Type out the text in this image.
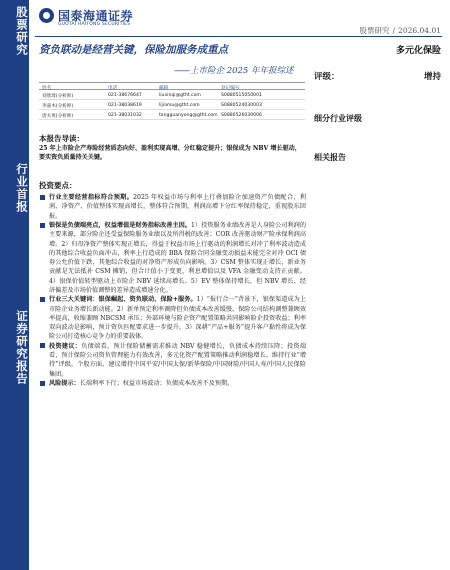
股票研究
行业首报
证券研究报告
国泰海通证券
GUOTAI HAITONG SECURITIES
股票研究 / 2026.04.01
资负联动是经营关键，保险加服务成重点
—— 上市险企 2025 年年报综述
多元化保险
评级：	增持
细分行业评级
相关报告
姓名	电话	邮箱	登记编号
刘欣琦(分析师)	021-38676647	liuxinqi@gtht.com	S0880515050001
李嘉木(分析师)	021-38038619	lijiamu@gtht.com	S0880524030003
唐关勇(分析师)	021-38031032	tangguanyong@gtht.com S0880526030006
本报告导读：
25 年上市险企产寿险经营质态向好、盈利实现高增、分红稳定提升；银保成为 NBV 增长驱动，要实资负质量持关关键。
投资要点：
行业主要经营指标符合预期。2025 年权益市场与利率上行叠加险企加速资产负债配合，利润、净资产、价值整体实现高增长，整体符合预期，利润高增下分红率保持稳定，重视股东回报。
银保是负债端亮点，权益增值是财务指标改善主因。1）投资服务业绩改善是人身险公司利润的主要来源，部分险企还受益保险服务业绩以及所得税的改善；COR 改善驱动财产险承保利润高增。2）归母净资产整体实现正增长，得益于权益市场上行驱动的利润增长对冲了利率波动造成的其他综合收益负面冲击，利率上行造成的 BBA 保险合同金融变动损益未能完全对冲 OCI 债券公允价值下跌，其他综合收益的对净资产形成负向影响。3）CSM 整体实现正增长，新业务贡献是无法抵补 CSM 摊销，但合计值小于变更，利息增值以及 VFA 金融变动支持正贡献。4）银保价值转型驱动上市险企 NBV 延续高增长。5）EV 整体保持增长，但 NBV 增长、经济偏差及市场价值调整的差异造成增速分化。
行业三大关键词：银保崛起、资负联动、保险+服务。1）“报行合一”背景下，银保渠道成为上市险企业务增长新动能。2）新单预定利率调降但负债成本改善缓慢，保险公司结构调整兼顾效率提高，收缩兼顾 NBCSM 承压；外部环境与险企资产配置策略共同影响险企投资收益；利率双向波动是影响，预计资负匹配要求进一步提升。3）深耕“产品+服务”提升客户黏性将成为保险公司打造核心竞争力的重要载体。
投资建议：负债端看，预计保险储蓄需求推动 NBV 稳健增长，负债成本持续压降；投资端看，预计保险公司资负管理能力有效改善，多元化资产配置策略推动利润稳增长。维持行业“增持”评级。个股方面，建议增持中国平安/中国太保/新华保险/中国财险/中国人寿/中国人民保险集团。
风险提示：长端利率下行；权益市场波动；负债成本改善不及预期。
